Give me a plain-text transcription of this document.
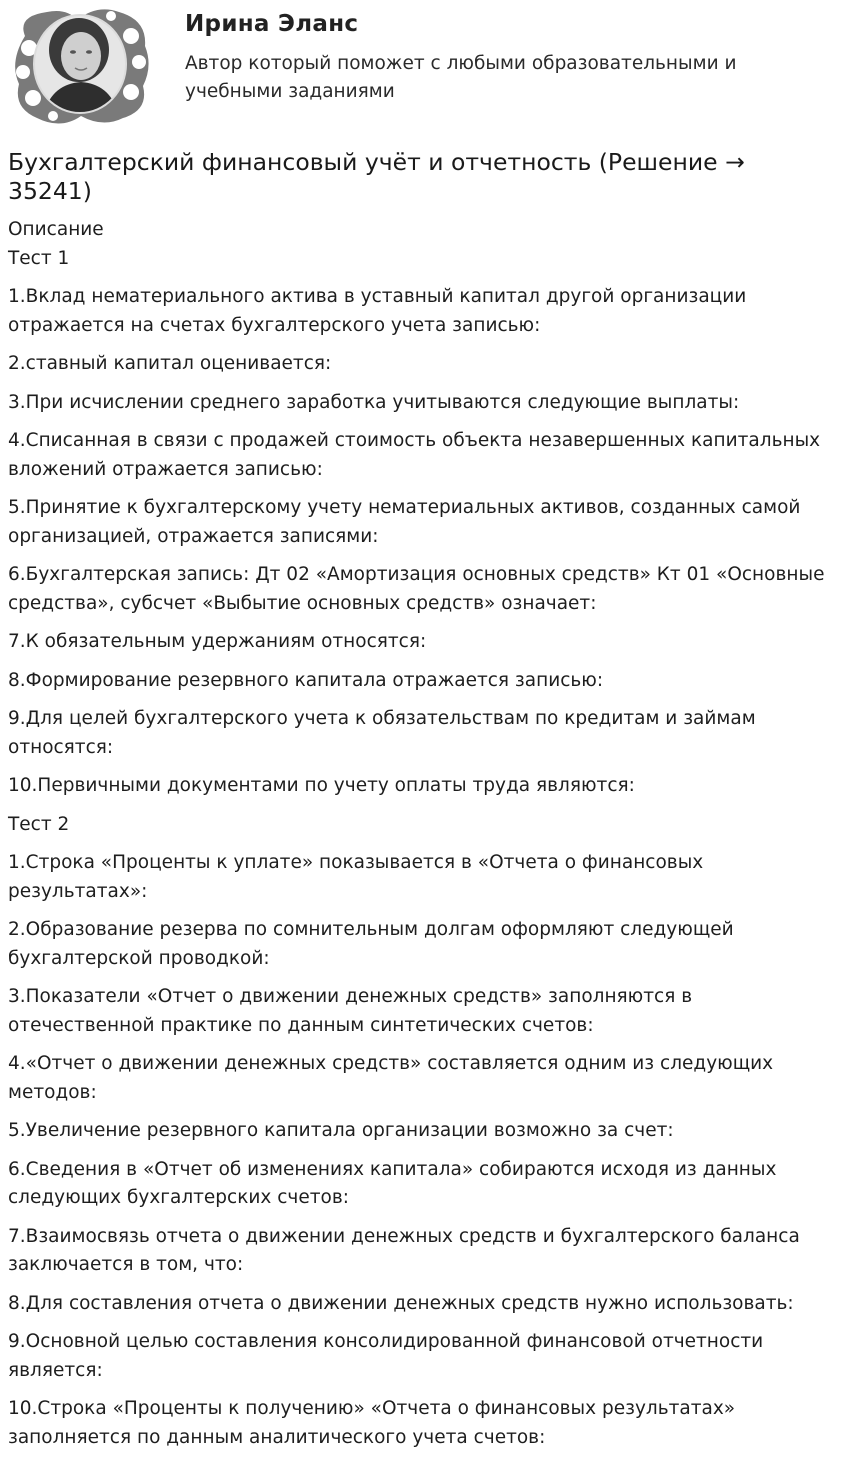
Ирина Эланс

Автор который поможет с любыми образовательными и учебными заданиями

Бухгалтерский финансовый учёт и отчетность (Решение → 35241)

Описание

Тест 1

1.Вклад нематериального актива в уставный капитал другой организации отражается на счетах бухгалтерского учета записью:

2.ставный капитал оценивается:

3.При исчислении среднего заработка учитываются следующие выплаты:

4.Списанная в связи с продажей стоимость объекта незавершенных капитальных вложений отражается записью:

5.Принятие к бухгалтерскому учету нематериальных активов, созданных самой организацией, отражается записями:

6.Бухгалтерская запись: Дт 02 «Амортизация основных средств» Кт 01 «Основные средства», субсчет «Выбытие основных средств» означает:

7.К обязательным удержаниям относятся:

8.Формирование резервного капитала отражается записью:

9.Для целей бухгалтерского учета к обязательствам по кредитам и займам относятся:

10.Первичными документами по учету оплаты труда являются:

Тест 2

1.Строка «Проценты к уплате» показывается в «Отчета о финансовых результатах»:

2.Образование резерва по сомнительным долгам оформляют следующей бухгалтерской проводкой:

3.Показатели «Отчет о движении денежных средств» заполняются в отечественной практике по данным синтетических счетов:

4.«Отчет о движении денежных средств» составляется одним из следующих методов:

5.Увеличение резервного капитала организации возможно за счет:

6.Сведения в «Отчет об изменениях капитала» собираются исходя из данных следующих бухгалтерских счетов:

7.Взаимосвязь отчета о движении денежных средств и бухгалтерского баланса заключается в том, что:

8.Для составления отчета о движении денежных средств нужно использовать:

9.Основной целью составления консолидированной финансовой отчетности является:

10.Строка «Проценты к получению» «Отчета о финансовых результатах» заполняется по данным аналитического учета счетов:
